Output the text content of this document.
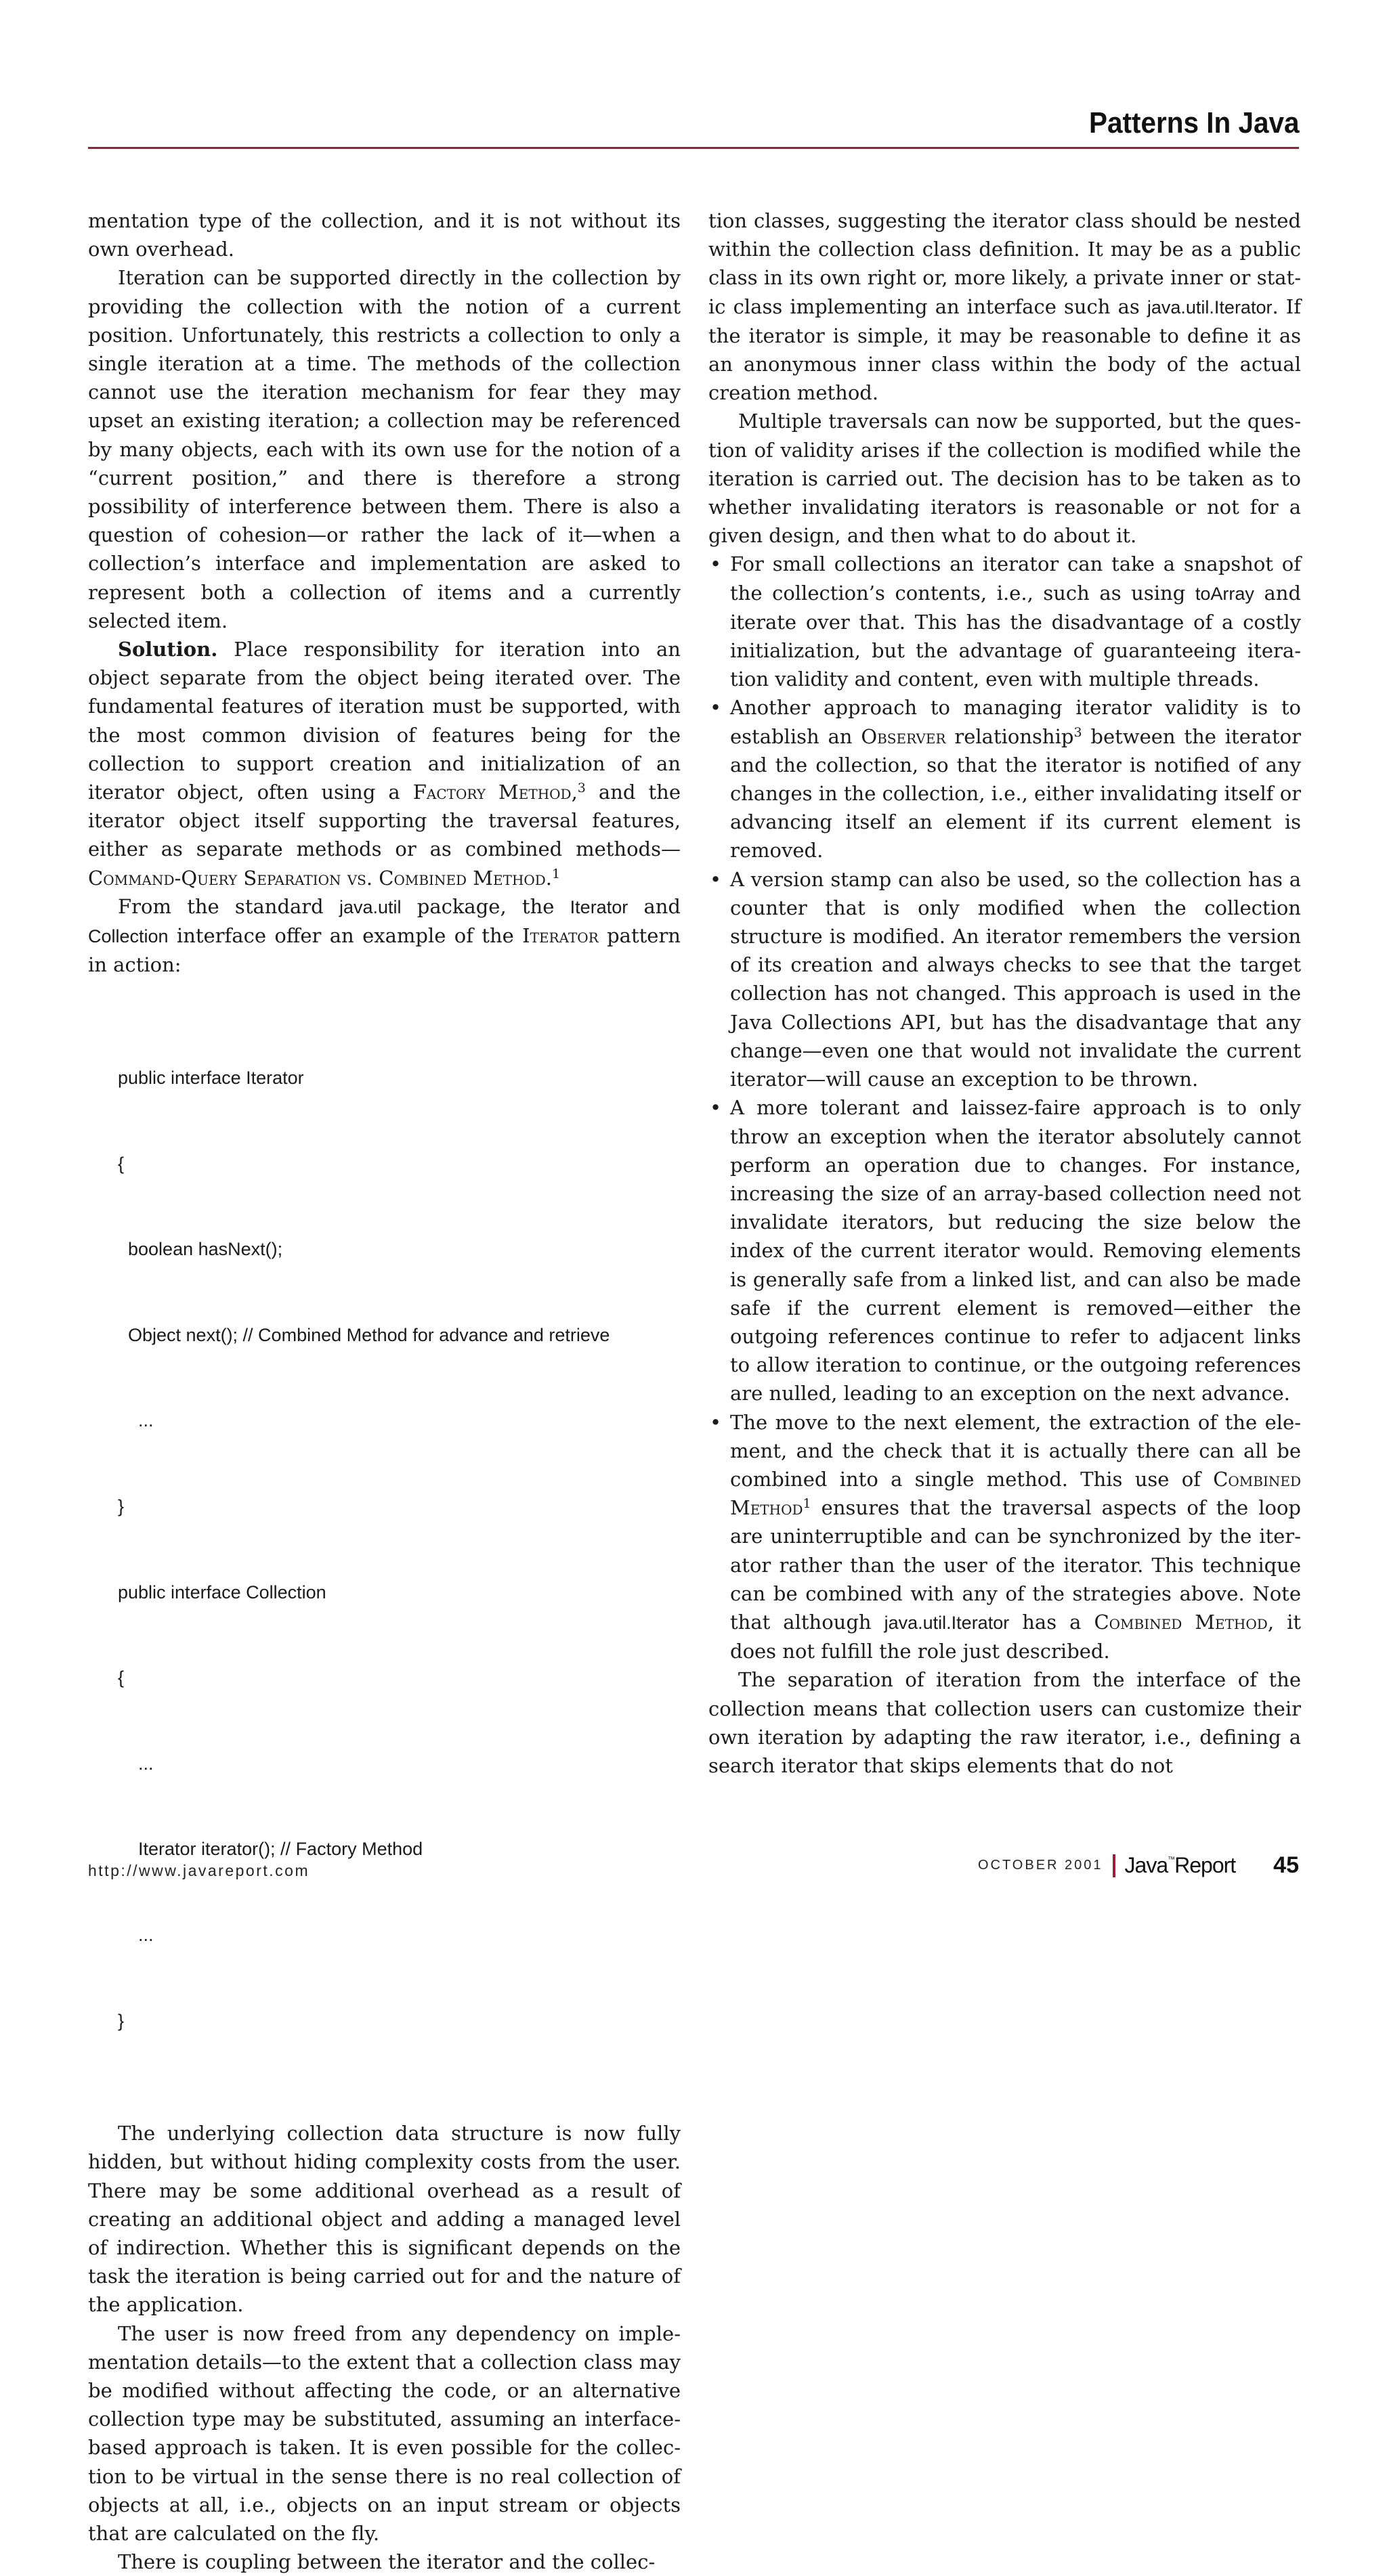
Patterns In Java

mentation type of the collection, and it is not without its own overhead.

Iteration can be supported directly in the collection by providing the collection with the notion of a current position. Unfortunately, this restricts a collection to only a single iteration at a time. The methods of the collection cannot use the iteration mechanism for fear they may upset an existing iteration; a collection may be referenced by many objects, each with its own use for the notion of a “current position,” and there is therefore a strong possibility of interference between them. There is also a question of cohesion—or rather the lack of it—when a collection’s interface and implementation are asked to represent both a collection of items and a currently selected item.

Solution. Place responsibility for iteration into an object separate from the object being iterated over. The fundamental features of iteration must be supported, with the most common division of features being for the collection to support creation and initialization of an iterator object, often using a Factory Method,$^3$ and the iterator object itself supporting the traversal features, either as separate methods or as combined methods—Command-Query Separation vs. Combined Method.$^1$

From the standard java.util package, the Iterator and Collection interface offer an example of the Iterator pattern in action:

public interface Iterator

{

boolean hasNext();

Object next(); // Combined Method for advance and retrieve

...

}

public interface Collection

{

...

Iterator iterator(); // Factory Method

...

}

The underlying collection data structure is now fully hidden, but without hiding complexity costs from the user. There may be some additional overhead as a result of creating an additional object and adding a managed level of indirection. Whether this is significant depends on the task the iteration is being carried out for and the nature of the application.

The user is now freed from any dependency on implementation details—to the extent that a collection class may be modified without affecting the code, or an alternative collection type may be substituted, assuming an interface-based approach is taken. It is even possible for the collection to be virtual in the sense there is no real collection of objects at all, i.e., objects on an input stream or objects that are calculated on the fly.

There is coupling between the iterator and the collec-

tion classes, suggesting the iterator class should be nested within the collection class definition. It may be as a public class in its own right or, more likely, a private inner or static class implementing an interface such as java.util.Iterator. If the iterator is simple, it may be reasonable to define it as an anonymous inner class within the body of the actual creation method.

Multiple traversals can now be supported, but the question of validity arises if the collection is modified while the iteration is carried out. The decision has to be taken as to whether invalidating iterators is reasonable or not for a given design, and then what to do about it.

• For small collections an iterator can take a snapshot of the collection’s contents, i.e., such as using toArray and iterate over that. This has the disadvantage of a costly initialization, but the advantage of guaranteeing iteration validity and content, even with multiple threads.
• Another approach to managing iterator validity is to establish an Observer relationship$^3$ between the iterator and the collection, so that the iterator is notified of any changes in the collection, i.e., either invalidating itself or advancing itself an element if its current element is removed.
• A version stamp can also be used, so the collection has a counter that is only modified when the collection structure is modified. An iterator remembers the version of its creation and always checks to see that the target collection has not changed. This approach is used in the Java Collections API, but has the disadvantage that any change—even one that would not invalidate the current iterator—will cause an exception to be thrown.
• A more tolerant and laissez-faire approach is to only throw an exception when the iterator absolutely cannot perform an operation due to changes. For instance, increasing the size of an array-based collection need not invalidate iterators, but reducing the size below the index of the current iterator would. Removing elements is generally safe from a linked list, and can also be made safe if the current element is removed—either the outgoing references continue to refer to adjacent links to allow iteration to continue, or the outgoing references are nulled, leading to an exception on the next advance.
• The move to the next element, the extraction of the element, and the check that it is actually there can all be combined into a single method. This use of Combined Method$^1$ ensures that the traversal aspects of the loop are uninterruptible and can be synchronized by the iterator rather than the user of the iterator. This technique can be combined with any of the strategies above. Note that although java.util.Iterator has a Combined Method, it does not fulfill the role just described.

The separation of iteration from the interface of the collection means that collection users can customize their own iteration by adapting the raw iterator, i.e., defining a search iterator that skips elements that do not

http://www.javareport.com	OCTOBER 2001 Java™Report 45
